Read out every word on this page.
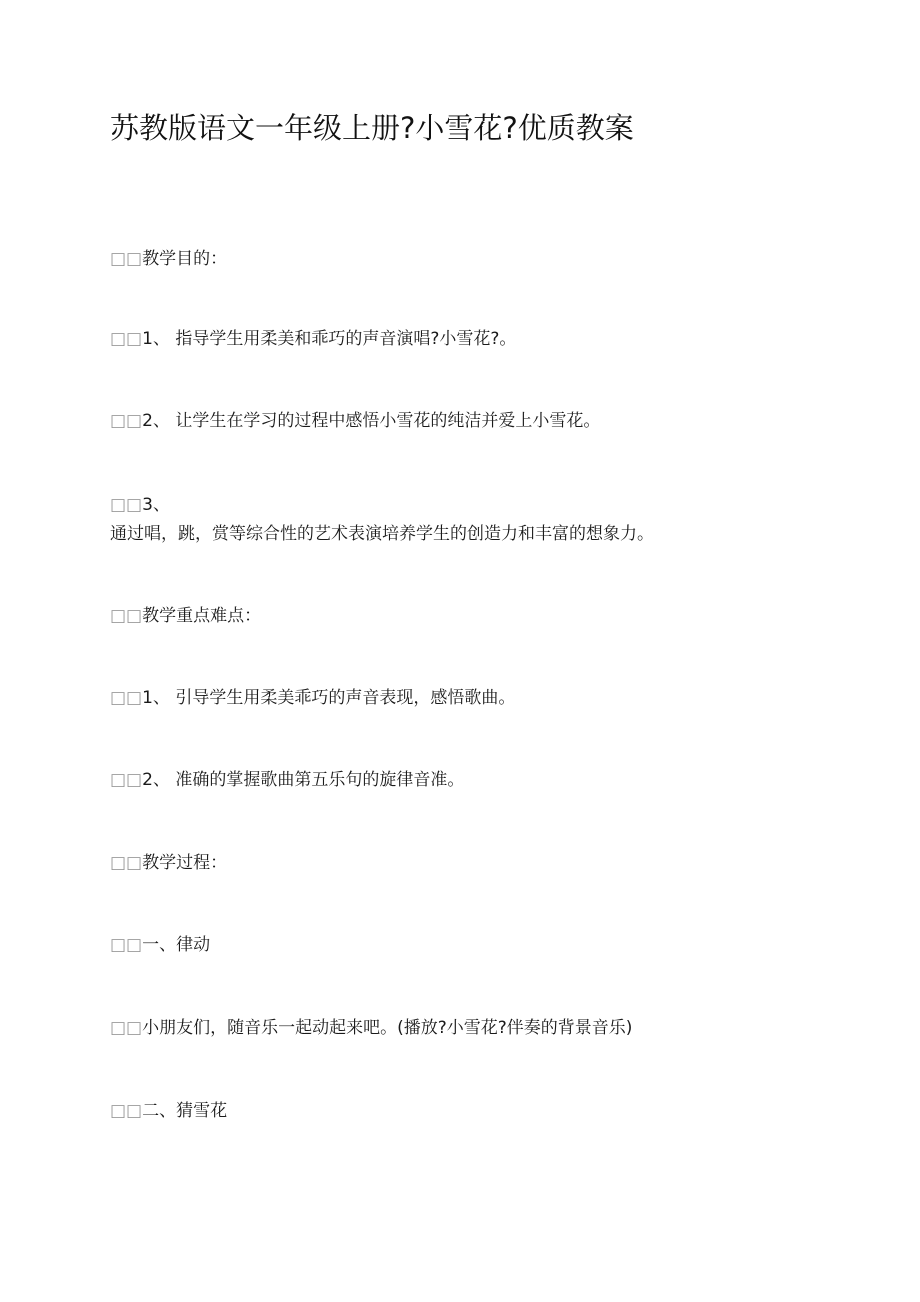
苏教版语文一年级上册?小雪花?优质教案

□□教学目的：

□□1、 指导学生用柔美和乖巧的声音演唱?小雪花?。

□□2、 让学生在学习的过程中感悟小雪花的纯洁并爱上小雪花。

□□3、

通过唱，跳，赏等综合性的艺术表演培养学生的创造力和丰富的想象力。

□□教学重点难点：

□□1、 引导学生用柔美乖巧的声音表现，感悟歌曲。

□□2、 准确的掌握歌曲第五乐句的旋律音准。

□□教学过程：

□□一、律动

□□小朋友们，随音乐一起动起来吧。(播放?小雪花?伴奏的背景音乐)

□□二、猜雪花
